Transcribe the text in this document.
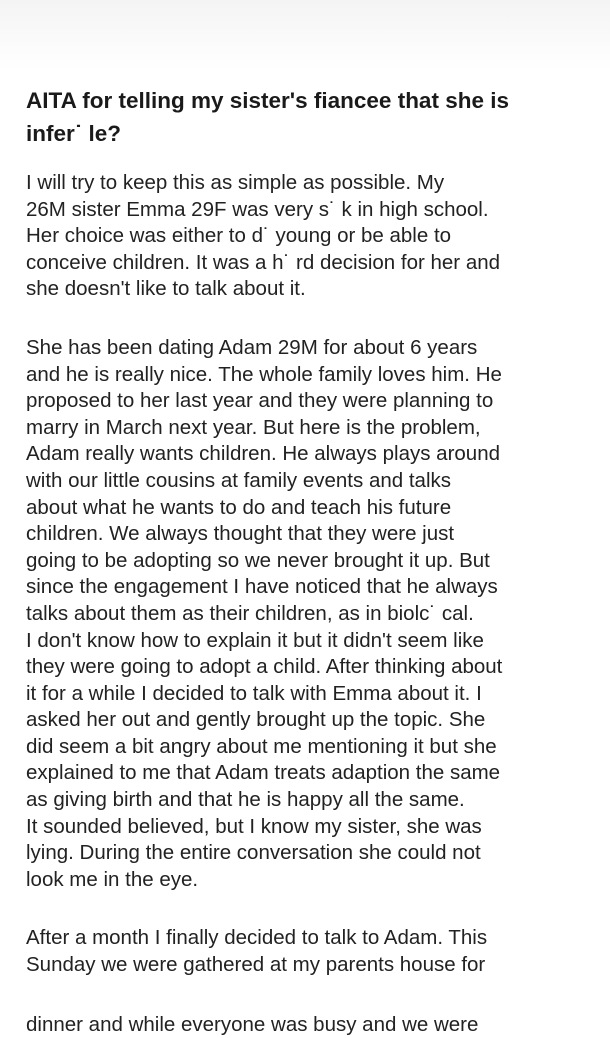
AITA for telling my sister's fiancee that she is
infer˙ le?

I will try to keep this as simple as possible. My
26M sister Emma 29F was very s˙ k in high school.
Her choice was either to d˙ young or be able to
conceive children. It was a h˙ rd decision for her and
she doesn't like to talk about it.

She has been dating Adam 29M for about 6 years
and he is really nice. The whole family loves him. He
proposed to her last year and they were planning to
marry in March next year. But here is the problem,
Adam really wants children. He always plays around
with our little cousins at family events and talks
about what he wants to do and teach his future
children. We always thought that they were just
going to be adopting so we never brought it up. But
since the engagement I have noticed that he always
talks about them as their children, as in biolc˙ cal.
I don't know how to explain it but it didn't seem like
they were going to adopt a child. After thinking about
it for a while I decided to talk with Emma about it. I
asked her out and gently brought up the topic. She
did seem a bit angry about me mentioning it but she
explained to me that Adam treats adaption the same
as giving birth and that he is happy all the same.
It sounded believed, but I know my sister, she was
lying. During the entire conversation she could not
look me in the eye.

After a month I finally decided to talk to Adam. This
Sunday we were gathered at my parents house for

dinner and while everyone was busy and we were
